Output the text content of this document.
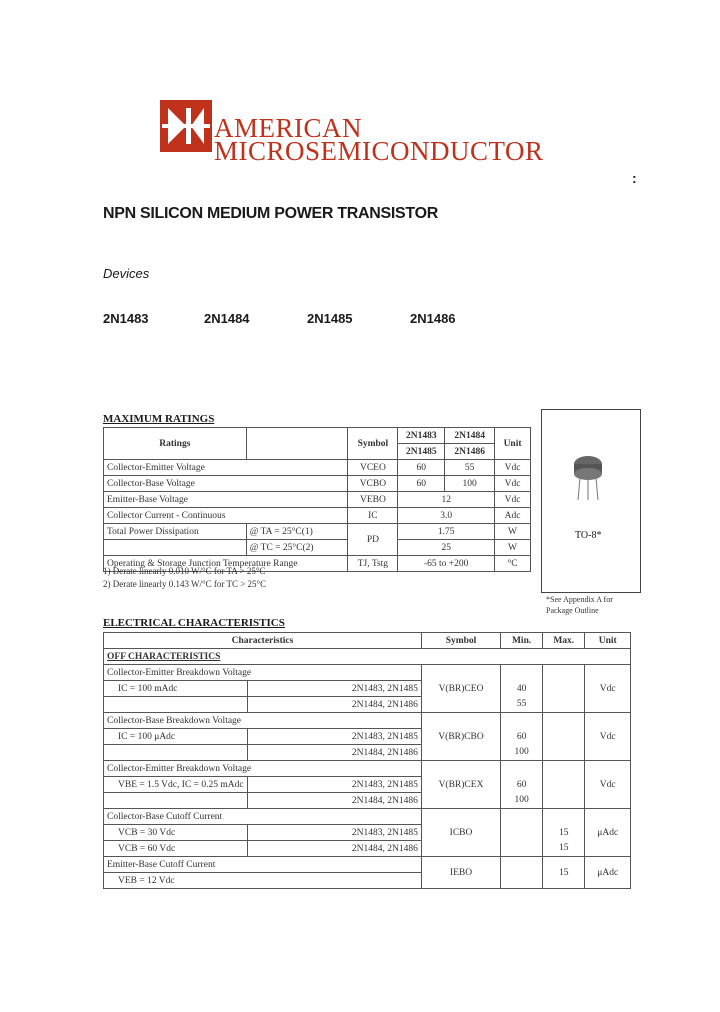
AMERICAN
MICROSEMICONDUCTOR
:
NPN SILICON MEDIUM POWER TRANSISTOR
Devices
2N1483	2N1484	2N1485	2N1486
MAXIMUM RATINGS
Ratings		Symbol	2N1483	2N1484	Unit
			2N1485	2N1486	
Collector-Emitter Voltage		VCEO	60	55	Vdc
Collector-Base Voltage		VCBO	60	100	Vdc
Emitter-Base Voltage		VEBO	12		Vdc
Collector Current - Continuous		IC	3.0		Adc
Total Power Dissipation	@ TA = 25°C(1)	PD	1.75		W
	@ TC = 25°C(2)		25		W
Operating & Storage Junction Temperature Range		TJ, Tstg	-65 to +200		°C
1) Derate linearly 0.010 W/°C for TA > 25°C
2) Derate linearly 0.143 W/°C for TC > 25°C
TO-8*
*See Appendix A for
Package Outline
ELECTRICAL CHARACTERISTICS
Characteristics		Symbol	Min.	Max.	Unit
OFF CHARACTERISTICS					
Collector-Emitter Breakdown Voltage		V(BR)CEO			Vdc
IC = 100 mAdc	2N1483, 2N1485		40		
	2N1484, 2N1486		55		
Collector-Base Breakdown Voltage		V(BR)CBO			Vdc
IC = 100 μAdc	2N1483, 2N1485		60		
	2N1484, 2N1486		100		
Collector-Emitter Breakdown Voltage		V(BR)CEX			Vdc
VBE = 1.5 Vdc, IC = 0.25 mAdc	2N1483, 2N1485		60		
	2N1484, 2N1486		100		
Collector-Base Cutoff Current		ICBO			μAdc
VCB = 30 Vdc	2N1483, 2N1485			15	
VCB = 60 Vdc	2N1484, 2N1486			15	
Emitter-Base Cutoff Current		IEBO		15	μAdc
VEB = 12 Vdc					
